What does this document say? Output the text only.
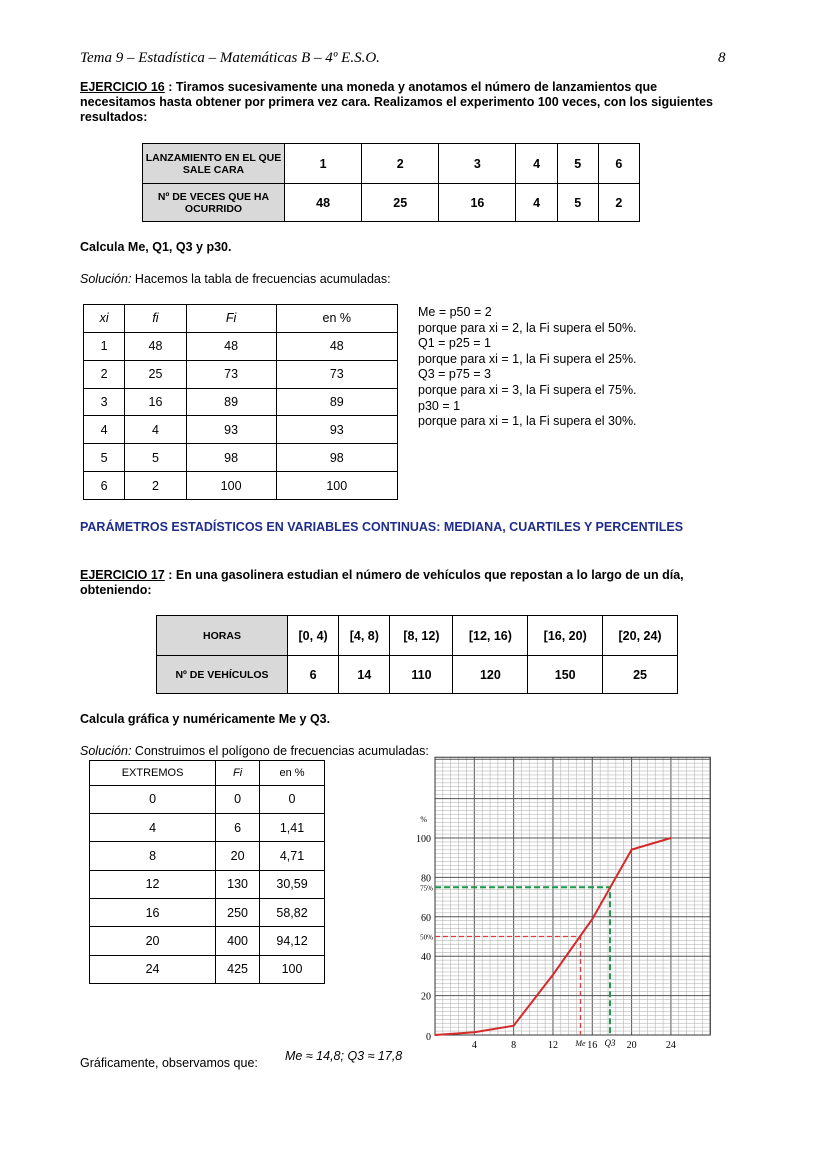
Tema 9 – Estadística – Matemáticas B – 4º E.S.O.	8
EJERCICIO 16 : Tiramos sucesivamente una moneda y anotamos el número de lanzamientos que necesitamos hasta obtener por primera vez cara. Realizamos el experimento 100 veces, con los siguientes resultados:
LANZAMIENTO EN EL QUE SALE CARA	1	2	3	4	5	6
Nº DE VECES QUE HA OCURRIDO	48	25	16	4	5	2
Calcula Me, Q1, Q3 y p30.
Solución: Hacemos la tabla de frecuencias acumuladas:
xi	fi	Fi	en %
1	48	48	48
2	25	73	73
3	16	89	89
4	4	93	93
5	5	98	98
6	2	100	100
Me = p50 = 2
porque para xi = 2, la Fi supera el 50%.
Q1 = p25 = 1
porque para xi = 1, la Fi supera el 25%.
Q3 = p75 = 3
porque para xi = 3, la Fi supera el 75%.
p30 = 1
porque para xi = 1, la Fi supera el 30%.
PARÁMETROS ESTADÍSTICOS EN VARIABLES CONTINUAS: MEDIANA, CUARTILES Y PERCENTILES
EJERCICIO 17 : En una gasolinera estudian el número de vehículos que repostan a lo largo de un día, obteniendo:
HORAS	[0, 4)	[4, 8)	[8, 12)	[12, 16)	[16, 20)	[20, 24)
Nº DE VEHÍCULOS	6	14	110	120	150	25
Calcula gráfica y numéricamente Me y Q3.
Solución: Construimos el polígono de frecuencias acumuladas:
EXTREMOS	Fi	en %
0	0	0
4	6	1,41
8	20	4,71
12	130	30,59
16	250	58,82
20	400	94,12
24	425	100
4	8	12	16	20	24
0
20
40
60
80
100
%
50%
75%
Me Q3
Gráficamente, observamos que: Me ≈ 14,8; Q3 ≈ 17,8
